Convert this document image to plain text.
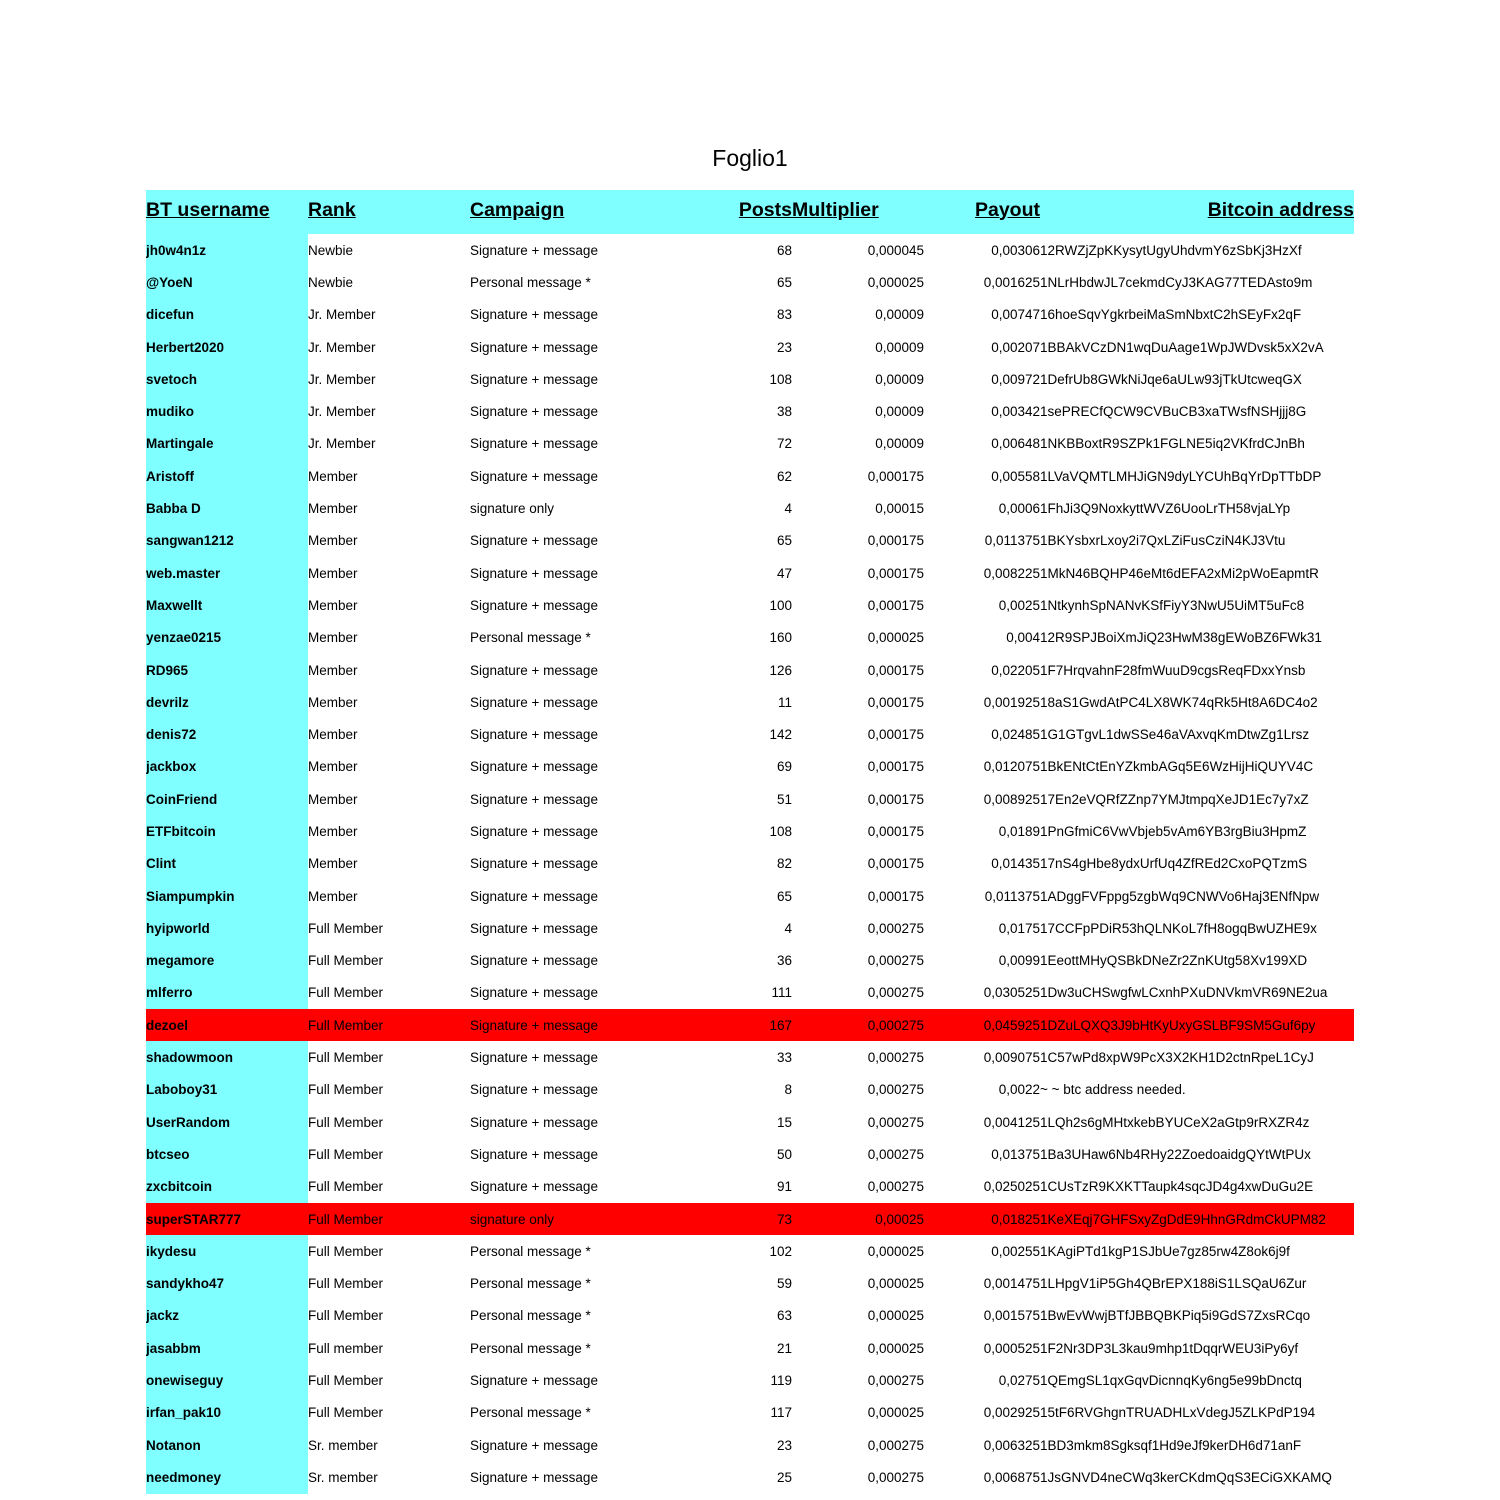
Foglio1
BT username	Rank	Campaign	Posts	Multiplier	Payout	Bitcoin address
jh0w4n1z	Newbie	Signature + message	68	0,000045	0,00306	12RWZjZpKKysytUgyUhdvmY6zSbKj3HzXf
@YoeN	Newbie	Personal message *	65	0,000025	0,001625	1NLrHbdwJL7cekmdCyJ3KAG77TEDAsto9m
dicefun	Jr. Member	Signature + message	83	0,00009	0,00747	16hoeSqvYgkrbeiMaSmNbxtC2hSEyFx2qF
Herbert2020	Jr. Member	Signature + message	23	0,00009	0,00207	1BBAkVCzDN1wqDuAage1WpJWDvsk5xX2vA
svetoch	Jr. Member	Signature + message	108	0,00009	0,00972	1DefrUb8GWkNiJqe6aULw93jTkUtcweqGX
mudiko	Jr. Member	Signature + message	38	0,00009	0,00342	1sePRECfQCW9CVBuCB3xaTWsfNSHjjj8G
Martingale	Jr. Member	Signature + message	72	0,00009	0,00648	1NKBBoxtR9SZPk1FGLNE5iq2VKfrdCJnBh
Aristoff	Member	Signature + message	62	0,000175	0,00558	1LVaVQMTLMHJiGN9dyLYCUhBqYrDpTTbDP
Babba D	Member	signature only	4	0,00015	0,0006	1FhJi3Q9NoxkyttWVZ6UooLrTH58vjaLYp
sangwan1212	Member	Signature + message	65	0,000175	0,011375	1BKYsbxrLxoy2i7QxLZiFusCziN4KJ3Vtu
web.master	Member	Signature + message	47	0,000175	0,008225	1MkN46BQHP46eMt6dEFA2xMi2pWoEapmtR
Maxwellt	Member	Signature + message	100	0,000175	0,0025	1NtkynhSpNANvKSfFiyY3NwU5UiMT5uFc8
yenzae0215	Member	Personal message *	160	0,000025	0,004	12R9SPJBoiXmJiQ23HwM38gEWoBZ6FWk31
RD965	Member	Signature + message	126	0,000175	0,02205	1F7HrqvahnF28fmWuuD9cgsReqFDxxYnsb
devrilz	Member	Signature + message	11	0,000175	0,001925	18aS1GwdAtPC4LX8WK74qRk5Ht8A6DC4o2
denis72	Member	Signature + message	142	0,000175	0,02485	1G1GTgvL1dwSSe46aVAxvqKmDtwZg1Lrsz
jackbox	Member	Signature + message	69	0,000175	0,012075	1BkENtCtEnYZkmbAGq5E6WzHijHiQUYV4C
CoinFriend	Member	Signature + message	51	0,000175	0,008925	17En2eVQRfZZnp7YMJtmpqXeJD1Ec7y7xZ
ETFbitcoin	Member	Signature + message	108	0,000175	0,0189	1PnGfmiC6VwVbjeb5vAm6YB3rgBiu3HpmZ
Clint	Member	Signature + message	82	0,000175	0,01435	17nS4gHbe8ydxUrfUq4ZfREd2CxoPQTzmS
Siampumpkin	Member	Signature + message	65	0,000175	0,011375	1ADggFVFppg5zgbWq9CNWVo6Haj3ENfNpw
hyipworld	Full Member	Signature + message	4	0,000275	0,0175	17CCFpPDiR53hQLNKoL7fH8ogqBwUZHE9x
megamore	Full Member	Signature + message	36	0,000275	0,0099	1EeottMHyQSBkDNeZr2ZnKUtg58Xv199XD
mlferro	Full Member	Signature + message	111	0,000275	0,030525	1Dw3uCHSwgfwLCxnhPXuDNVkmVR69NE2ua
dezoel	Full Member	Signature + message	167	0,000275	0,045925	1DZuLQXQ3J9bHtKyUxyGSLBF9SM5Guf6py
shadowmoon	Full Member	Signature + message	33	0,000275	0,009075	1C57wPd8xpW9PcX3X2KH1D2ctnRpeL1CyJ
Laboboy31	Full Member	Signature + message	8	0,000275	0,0022	~ ~ btc address needed.
UserRandom	Full Member	Signature + message	15	0,000275	0,004125	1LQh2s6gMHtxkebBYUCeX2aGtp9rRXZR4z
btcseo	Full Member	Signature + message	50	0,000275	0,01375	1Ba3UHaw6Nb4RHy22ZoedoaidgQYtWtPUx
zxcbitcoin	Full Member	Signature + message	91	0,000275	0,025025	1CUsTzR9KXKTTaupk4sqcJD4g4xwDuGu2E
superSTAR777	Full Member	signature only	73	0,00025	0,01825	1KeXEqj7GHFSxyZgDdE9HhnGRdmCkUPM82
ikydesu	Full Member	Personal message *	102	0,000025	0,00255	1KAgiPTd1kgP1SJbUe7gz85rw4Z8ok6j9f
sandykho47	Full Member	Personal message *	59	0,000025	0,001475	1LHpgV1iP5Gh4QBrEPX188iS1LSQaU6Zur
jackz	Full Member	Personal message *	63	0,000025	0,001575	1BwEvWwjBTfJBBQBKPiq5i9GdS7ZxsRCqo
jasabbm	Full member	Personal message *	21	0,000025	0,000525	1F2Nr3DP3L3kau9mhp1tDqqrWEU3iPy6yf
onewiseguy	Full Member	Signature + message	119	0,000275	0,0275	1QEmgSL1qxGqvDicnnqKy6ng5e99bDnctq
irfan_pak10	Full Member	Personal message *	117	0,000025	0,002925	15tF6RVGhgnTRUADHLxVdegJ5ZLKPdP194
Notanon	Sr. member	Signature + message	23	0,000275	0,006325	1BD3mkm8Sgksqf1Hd9eJf9kerDH6d71anF
needmoney	Sr. member	Signature + message	25	0,000275	0,006875	1JsGNVD4neCWq3kerCKdmQqS3ECiGXKAMQ
